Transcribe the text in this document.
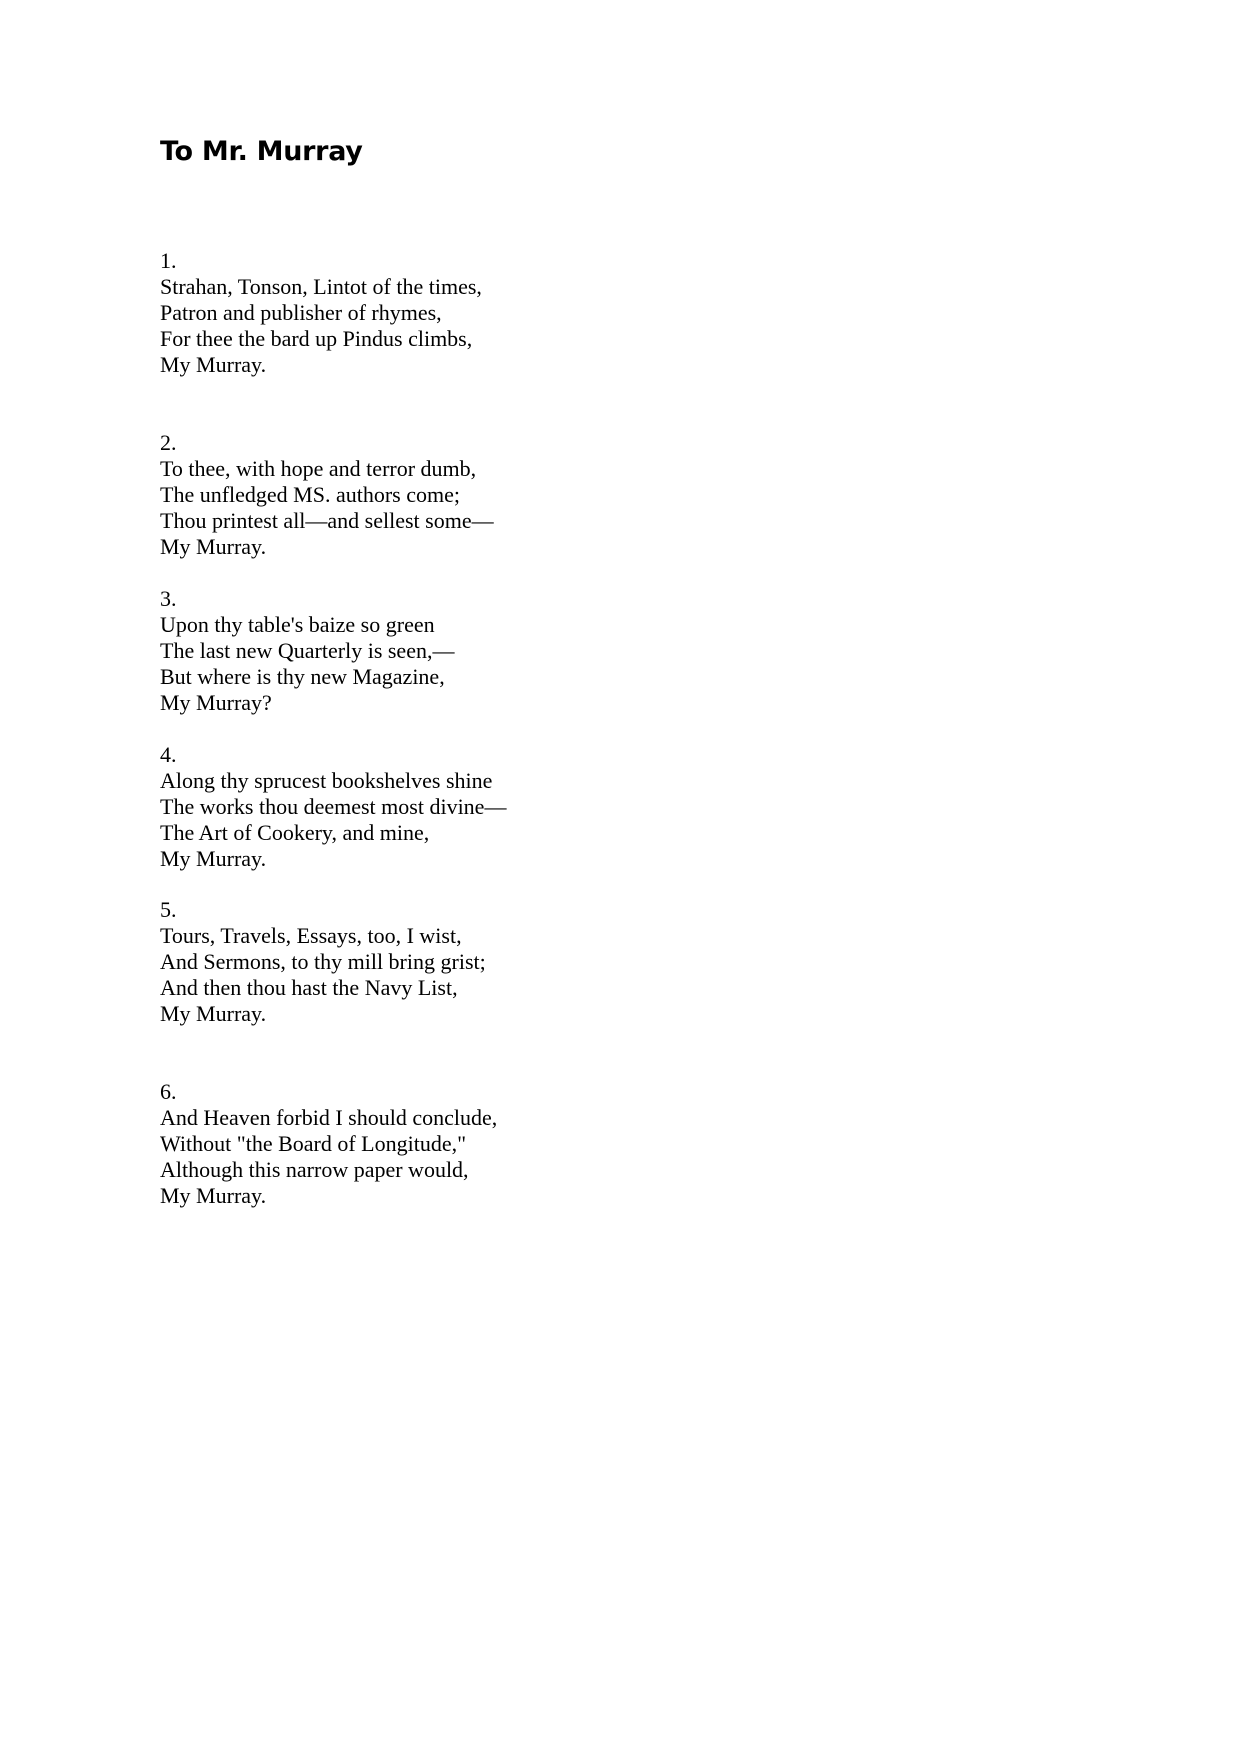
To Mr. Murray
1.
Strahan, Tonson, Lintot of the times,
Patron and publisher of rhymes,
For thee the bard up Pindus climbs,
My Murray.
2.
To thee, with hope and terror dumb,
The unfledged MS. authors come;
Thou printest all—and sellest some—
My Murray.
3.
Upon thy table's baize so green
The last new Quarterly is seen,—
But where is thy new Magazine,
My Murray?
4.
Along thy sprucest bookshelves shine
The works thou deemest most divine—
The Art of Cookery, and mine,
My Murray.
5.
Tours, Travels, Essays, too, I wist,
And Sermons, to thy mill bring grist;
And then thou hast the Navy List,
My Murray.
6.
And Heaven forbid I should conclude,
Without "the Board of Longitude,"
Although this narrow paper would,
My Murray.
